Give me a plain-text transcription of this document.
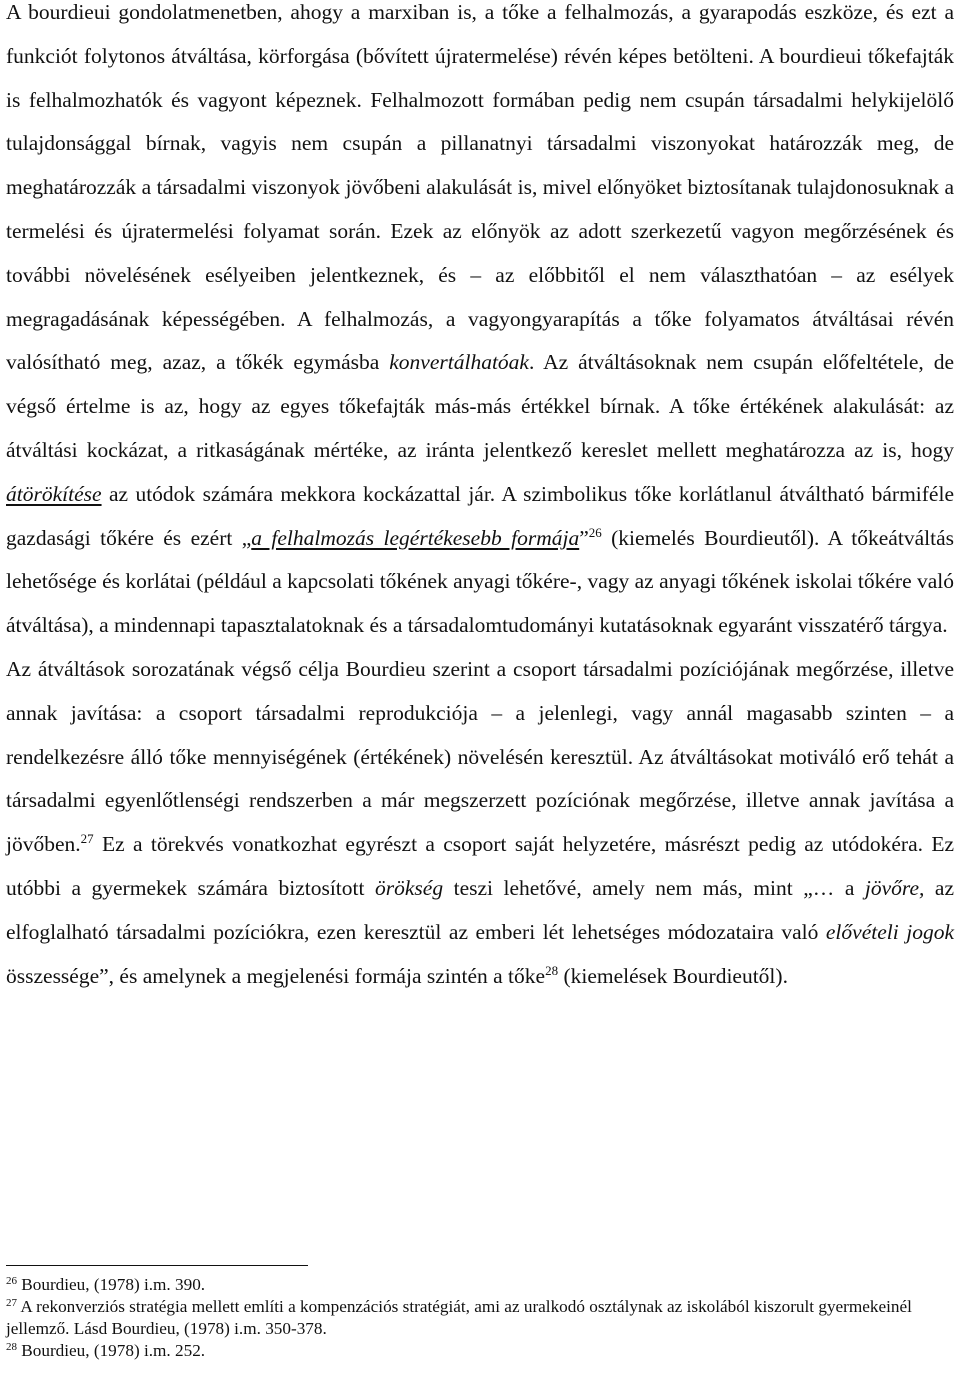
A bourdieui gondolatmenetben, ahogy a marxiban is, a tőke a felhalmozás, a gyarapodás eszköze, és ezt a funkciót folytonos átváltása, körforgása (bővített újratermelése) révén képes betölteni. A bourdieui tőkefajták is felhalmozhatók és vagyont képeznek. Felhalmozott formában pedig nem csupán társadalmi helykijelölő tulajdonsággal bírnak, vagyis nem csupán a pillanatnyi társadalmi viszonyokat határozzák meg, de meghatározzák a társadalmi viszonyok jövőbeni alakulását is, mivel előnyöket biztosítanak tulajdonosuknak a termelési és újratermelési folyamat során. Ezek az előnyök az adott szerkezetű vagyon megőrzésének és további növelésének esélyeiben jelentkeznek, és – az előbbitől el nem választhatóan – az esélyek megragadásának képességében. A felhalmozás, a vagyongyarapítás a tőke folyamatos átváltásai révén valósítható meg, azaz, a tőkék egymásba konvertálhatóak. Az átváltásoknak nem csupán előfeltétele, de végső értelme is az, hogy az egyes tőkefajták más-más értékkel bírnak. A tőke értékének alakulását: az átváltási kockázat, a ritkaságának mértéke, az iránta jelentkező kereslet mellett meghatározza az is, hogy átörökítése az utódok számára mekkora kockázattal jár. A szimbolikus tőke korlátlanul átváltható bármiféle gazdasági tőkére és ezért „a felhalmozás legértékesebb formája”$^{26}$ (kiemelés Bourdieutől). A tőkeátváltás lehetősége és korlátai (például a kapcsolati tőkének anyagi tőkére-, vagy az anyagi tőkének iskolai tőkére való átváltása), a mindennapi tapasztalatoknak és a társadalomtudományi kutatásoknak egyaránt visszatérő tárgya.

Az átváltások sorozatának végső célja Bourdieu szerint a csoport társadalmi pozíciójának megőrzése, illetve annak javítása: a csoport társadalmi reprodukciója – a jelenlegi, vagy annál magasabb szinten – a rendelkezésre álló tőke mennyiségének (értékének) növelésén keresztül. Az átváltásokat motiváló erő tehát a társadalmi egyenlőtlenségi rendszerben a már megszerzett pozíciónak megőrzése, illetve annak javítása a jövőben.$^{27}$ Ez a törekvés vonatkozhat egyrészt a csoport saját helyzetére, másrészt pedig az utódokéra. Ez utóbbi a gyermekek számára biztosított örökség teszi lehetővé, amely nem más, mint „… a jövőre, az elfoglalható társadalmi pozíciókra, ezen keresztül az emberi lét lehetséges módozataira való elővételi jogok összessége”, és amelynek a megjelenési formája szintén a tőke$^{28}$ (kiemelések Bourdieutől).

$^{26}$ Bourdieu, (1978) i.m. 390.

$^{27}$ A rekonverziós stratégia mellett említi a kompenzációs stratégiát, ami az uralkodó osztálynak az iskolából kiszorult gyermekeinél jellemző. Lásd Bourdieu, (1978) i.m. 350-378.

$^{28}$ Bourdieu, (1978) i.m. 252.
